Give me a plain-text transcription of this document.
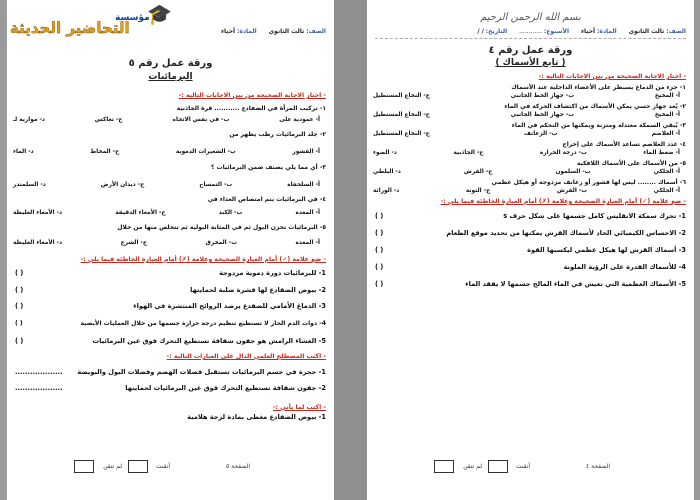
🎓
مؤسسة
التحاضير الحديثة	الصف: ثالث الثانوي المادة: أحياء
ورقة عمل رقم ٥
البرمائيات
- اختار الاجابة الصحيحة من بين الاجابات التالية :-
١- تركيب المرأة في الضفادع ........... قرة الجاذبية
أ- عمودية على
ب- في نفس الاتجاه
ج- تعاكس
د- موازيه لـ
٢- جلد البرمائيات رطب يظهر من
أ- القشور
ب- الشعيرات الدموية
ج- المخاط
د- الماء
٣- أي مما يلي يصنف ضمن البرمائيات ؟
أ- السلحفاة
ب- التمساح
ج- ديدان الأرض
د- السلمندر
٤- في البرمائيات يتم امتصاص الغذاء في
أ- المعدة
ب- الكبد
ج- الأمعاء الدقيقة
د- الأمعاء الغليظة
٥- البرمائيات تخزن البول ثم في المثانة البولية ثم تتخلص منها من خلال
أ- المعدة
ب- المخرق
ج- الشرج
د- الأمعاء الغليظة
- ضع علامة (✓) أمام العبارة الصحيحة وعلامة (✗) أمام العبارة الخاطئة فيما يلي :-
1- للبرمائيات دورة دموية مزدوجة
( )
2- بيوض الضفادع لها قشرة صلبة لحمايتها
( )
3- الدماغ الأمامي للضفدع يرصد الروائح المنتشرة في الهواء
( )
4- ذوات الدم الحار لا تستطيع تنظيم درجة حرارة جسمها من خلال العمليات الأيضية
( )
5- الغشاء الرامش هو جفون شفافة تستطيع التحرك فوق عين البرمائيات
( )
- اكتب المصطلح العلمي الدال على العبارات التالية :-
1- حجرة في جسم البرمائيات تستقبل فضلات الهضم وفضلات البول والبويضة
...................
2- جفون شفافة تستطيع التحرك فوق عين البرمائيات لحمايتها
...................
- اكتب لما يأتي :-
1- بيوض الضفادع مغطى بمادة لزجة هلامية
الصفحة ٥
أتقنت
لم تتقن
بسم الله الرحمن الرحيم
الصف: ثالث الثانوي المادة: أحياء الأسبوع: ............ التاريخ: / /
ورقة عمل رقم ٤
( تابع الأسماك )
- اختار الاجابة الصحيحة من بين الاجابات التالية :-
١- جزء من الدماغ يسيطر على الأعضاء الداخلية عند الأسماك
أ- المخيخ
ب- جهاز الخط الجانبي
ج- النخاع المستطيل
٢- يُعد جهاز حسي يمكن الأسماك من اكتشاف الحركة في الماء
أ- المخيخ
ب- جهاز الخط الجانبي
ج- النخاع المستطيل
٣- يُبقي السمكة معتدلة ومتزنة ويمكنها من التحكم في الماء
أ- الغلاصم
ب- الزعانف
ج- النخاع المستطيل
٤- غدد الغلاصم تساعد الأسماك على إخراج
أ- ضغط الماء
ب- درجة الحرارة
ج- الجاذبية
د- الضوء
٥- من الأسماك على الأسماك اللافكية
أ- الجلكي
ب- السلمون
ج- القرش
د- البلطي
٦- أسماك ........ ليس لها قشور أو زعانف مزدوجة أو هيكل عظمي
أ- الجلكي
ب- القرش
ج- التونة
د- الوراثة
- ضع علامة (✓) أمام العبارة الصحيحة وعلامة (✗) أمام العبارة الخاطئة فيما يلي :-
1- تحرك سمكة الانقليس كامل جسمها على شكل حرف s
( )
2- الاحساس الكيميائي الحاد لأسماك القرش يمكنها من تحديد موقع الطعام
( )
3- أسماك القرش لها هيكل عظمي ليكسبها القوة
( )
4- للأسماك القدرة على الرؤية الملونة
( )
5- الأسماك العظمية التي تعيش في الماء المالح جسمها لا يفقد الماء
( )
الصفحة ٤
أتقنت
لم تتقن
